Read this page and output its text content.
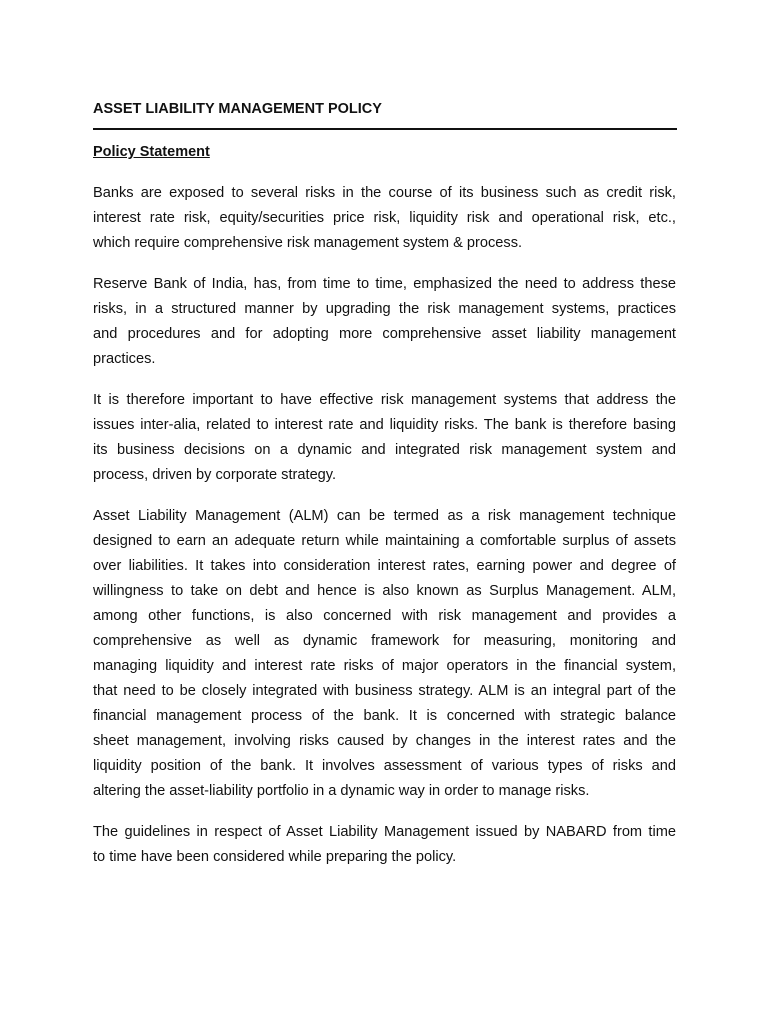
ASSET LIABILITY MANAGEMENT POLICY
Policy Statement
Banks are exposed to several risks in the course of its business such as credit risk,
interest rate risk, equity/securities price risk, liquidity risk and operational risk, etc.,
which require comprehensive risk management system & process.
Reserve Bank of India, has, from time to time, emphasized the need to address these
risks, in a structured manner by upgrading the risk management systems, practices
and procedures and for adopting more comprehensive asset liability management
practices.
It is therefore important to have effective risk management systems that address the
issues inter-alia, related to interest rate and liquidity risks. The bank is therefore basing
its business decisions on a dynamic and integrated risk management system and
process, driven by corporate strategy.
Asset Liability Management (ALM) can be termed as a risk management technique
designed to earn an adequate return while maintaining a comfortable surplus of assets
over liabilities. It takes into consideration interest rates, earning power and degree of
willingness to take on debt and hence is also known as Surplus Management. ALM,
among other functions, is also concerned with risk management and provides a
comprehensive as well as dynamic framework for measuring, monitoring and
managing liquidity and interest rate risks of major operators in the financial system,
that need to be closely integrated with business strategy. ALM is an integral part of the
financial management process of the bank. It is concerned with strategic balance
sheet management, involving risks caused by changes in the interest rates and the
liquidity position of the bank. It involves assessment of various types of risks and
altering the asset-liability portfolio in a dynamic way in order to manage risks.
The guidelines in respect of Asset Liability Management issued by NABARD from time
to time have been considered while preparing the policy.
